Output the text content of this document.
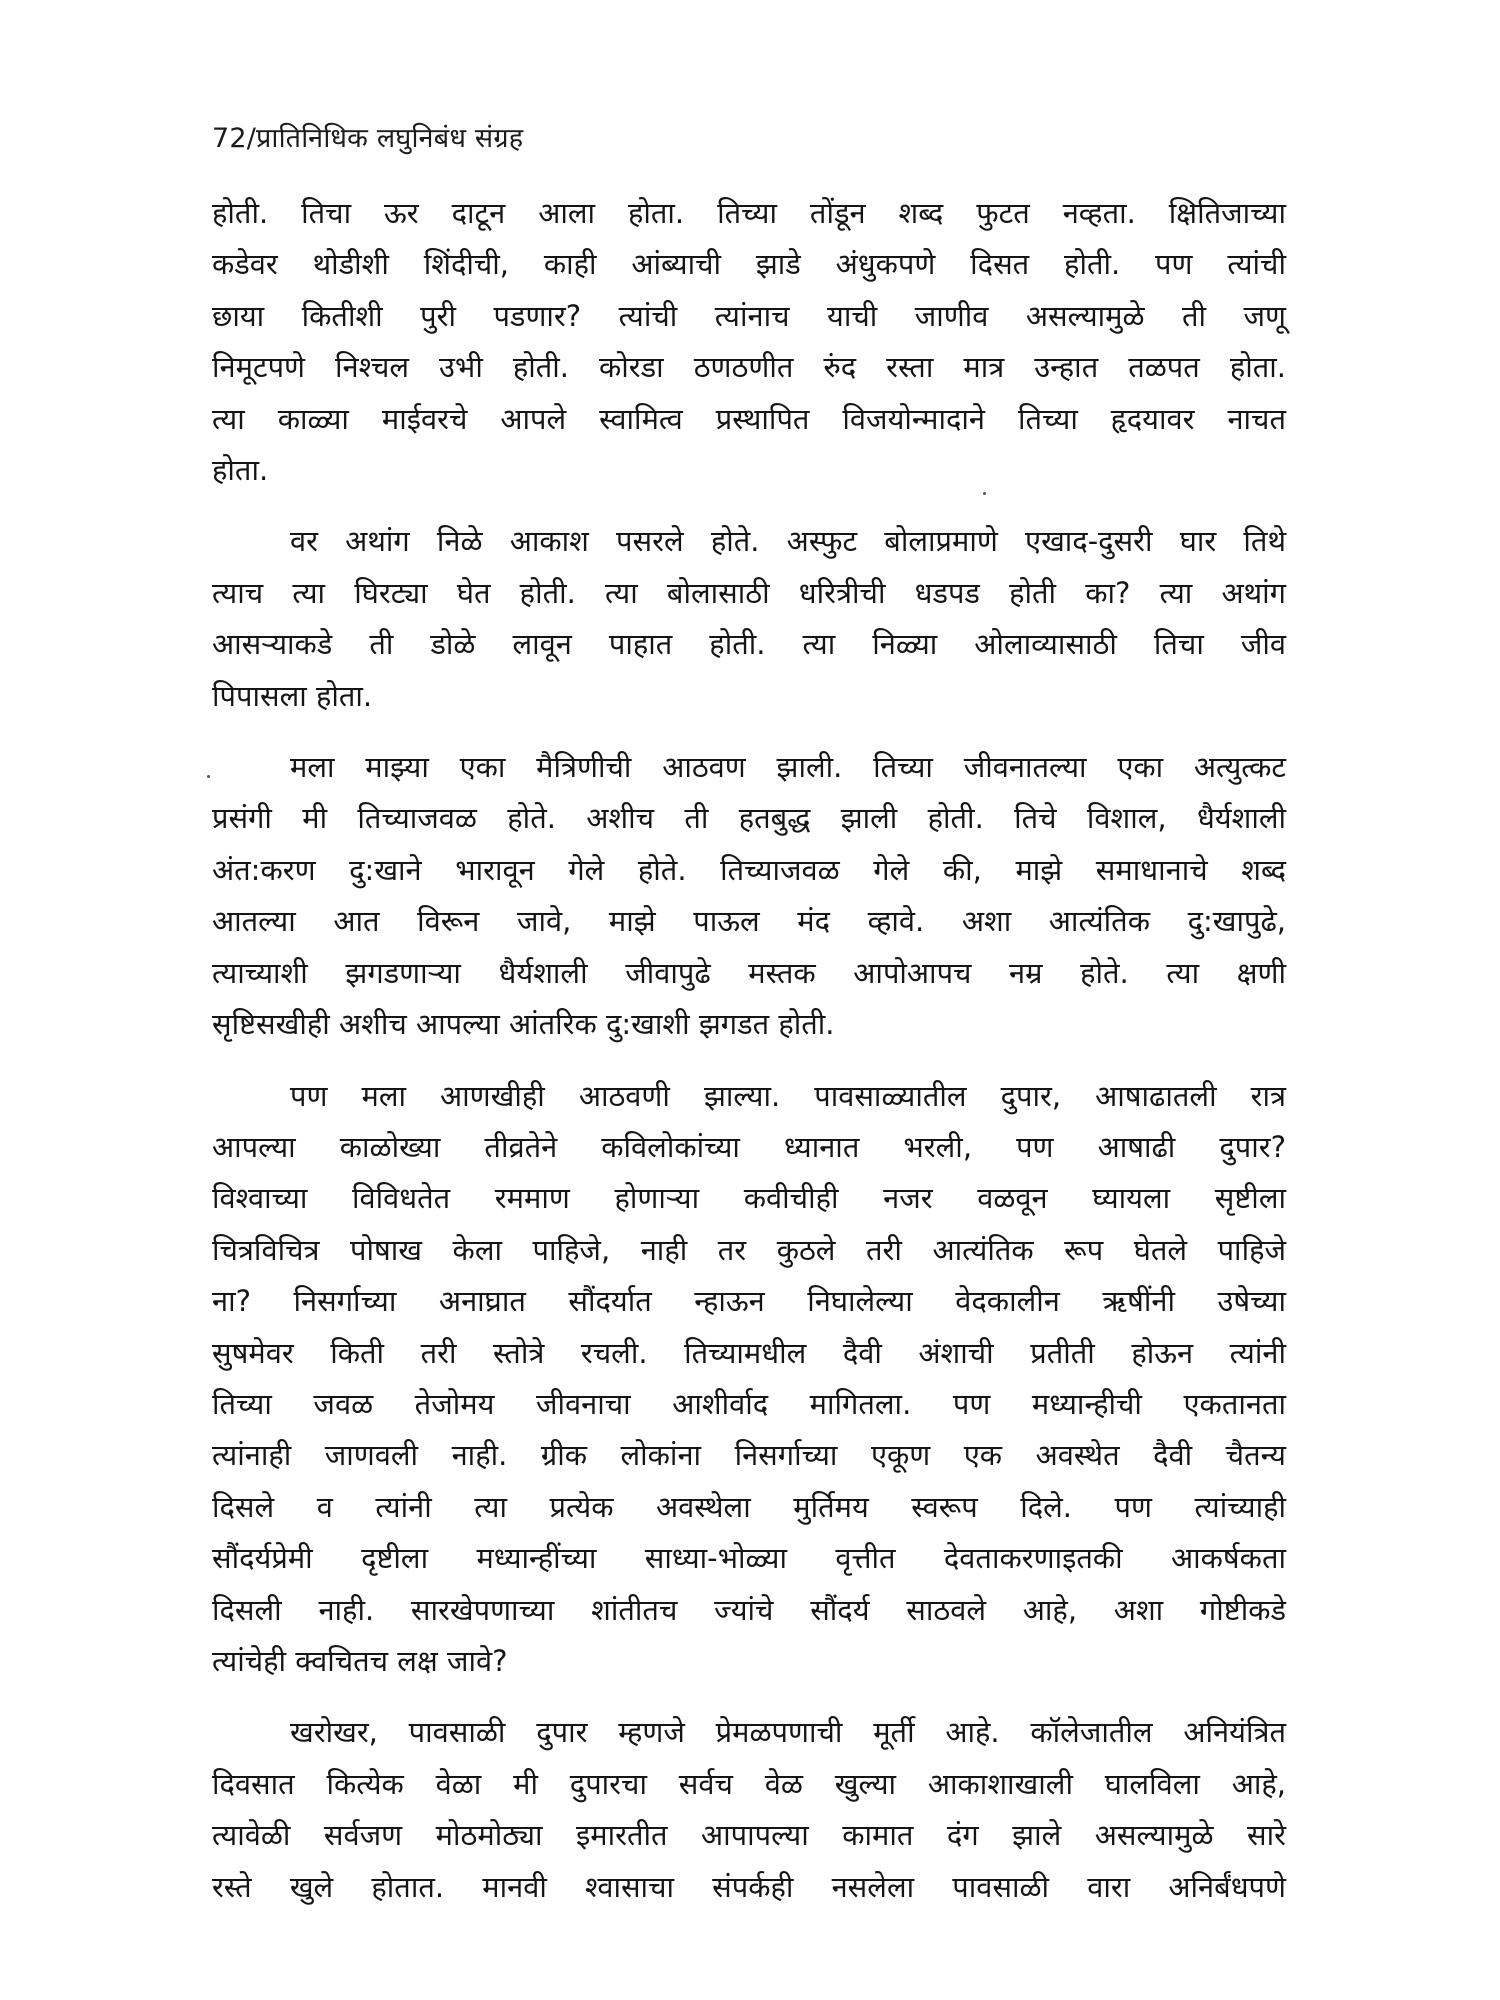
72/प्रातिनिधिक लघुनिबंध संग्रह
होती. तिचा ऊर दाटून आला होता. तिच्या तोंडून शब्द फुटत नव्हता. क्षितिजाच्या
कडेवर थोडीशी शिंदीची, काही आंब्याची झाडे अंधुकपणे दिसत होती. पण त्यांची
छाया कितीशी पुरी पडणार? त्यांची त्यांनाच याची जाणीव असल्यामुळे ती जणू
निमूटपणे निश्चल उभी होती. कोरडा ठणठणीत रुंद रस्ता मात्र उन्हात तळपत होता.
त्या काळ्या माईवरचे आपले स्वामित्व प्रस्थापित विजयोन्मादाने तिच्या हृदयावर नाचत
होता.
वर अथांग निळे आकाश पसरले होते. अस्फुट बोलाप्रमाणे एखाद-दुसरी घार तिथे
त्याच त्या घिरट्या घेत होती. त्या बोलासाठी धरित्रीची धडपड होती का? त्या अथांग
आसऱ्याकडे ती डोळे लावून पाहात होती. त्या निळ्या ओलाव्यासाठी तिचा जीव
पिपासला होता.
मला माझ्या एका मैत्रिणीची आठवण झाली. तिच्या जीवनातल्या एका अत्युत्कट
प्रसंगी मी तिच्याजवळ होते. अशीच ती हतबुद्ध झाली होती. तिचे विशाल, धैर्यशाली
अंत:करण दु:खाने भारावून गेले होते. तिच्याजवळ गेले की, माझे समाधानाचे शब्द
आतल्या आत विरून जावे, माझे पाऊल मंद व्हावे. अशा आत्यंतिक दु:खापुढे,
त्याच्याशी झगडणाऱ्या धैर्यशाली जीवापुढे मस्तक आपोआपच नम्र होते. त्या क्षणी
सृष्टिसखीही अशीच आपल्या आंतरिक दु:खाशी झगडत होती.
पण मला आणखीही आठवणी झाल्या. पावसाळ्यातील दुपार, आषाढातली रात्र
आपल्या काळोख्या तीव्रतेने कविलोकांच्या ध्यानात भरली, पण आषाढी दुपार?
विश्वाच्या विविधतेत रममाण होणाऱ्या कवीचीही नजर वळवून घ्यायला सृष्टीला
चित्रविचित्र पोषाख केला पाहिजे, नाही तर कुठले तरी आत्यंतिक रूप घेतले पाहिजे
ना? निसर्गाच्या अनाघ्रात सौंदर्यात न्हाऊन निघालेल्या वेदकालीन ऋषींनी उषेच्या
सुषमेवर किती तरी स्तोत्रे रचली. तिच्यामधील दैवी अंशाची प्रतीती होऊन त्यांनी
तिच्या जवळ तेजोमय जीवनाचा आशीर्वाद मागितला. पण मध्यान्हीची एकतानता
त्यांनाही जाणवली नाही. ग्रीक लोकांना निसर्गाच्या एकूण एक अवस्थेत दैवी चैतन्य
दिसले व त्यांनी त्या प्रत्येक अवस्थेला मुर्तिमय स्वरूप दिले. पण त्यांच्याही
सौंदर्यप्रेमी दृष्टीला मध्यान्हींच्या साध्या-भोळ्या वृत्तीत देवताकरणाइतकी आकर्षकता
दिसली नाही. सारखेपणाच्या शांतीतच ज्यांचे सौंदर्य साठवले आहे, अशा गोष्टीकडे
त्यांचेही क्वचितच लक्ष जावे?
खरोखर, पावसाळी दुपार म्हणजे प्रेमळपणाची मूर्ती आहे. कॉलेजातील अनियंत्रित
दिवसात कित्येक वेळा मी दुपारचा सर्वच वेळ खुल्या आकाशाखाली घालविला आहे,
त्यावेळी सर्वजण मोठमोठ्या इमारतीत आपापल्या कामात दंग झाले असल्यामुळे सारे
रस्ते खुले होतात. मानवी श्वासाचा संपर्कही नसलेला पावसाळी वारा अनिर्बंधपणे
